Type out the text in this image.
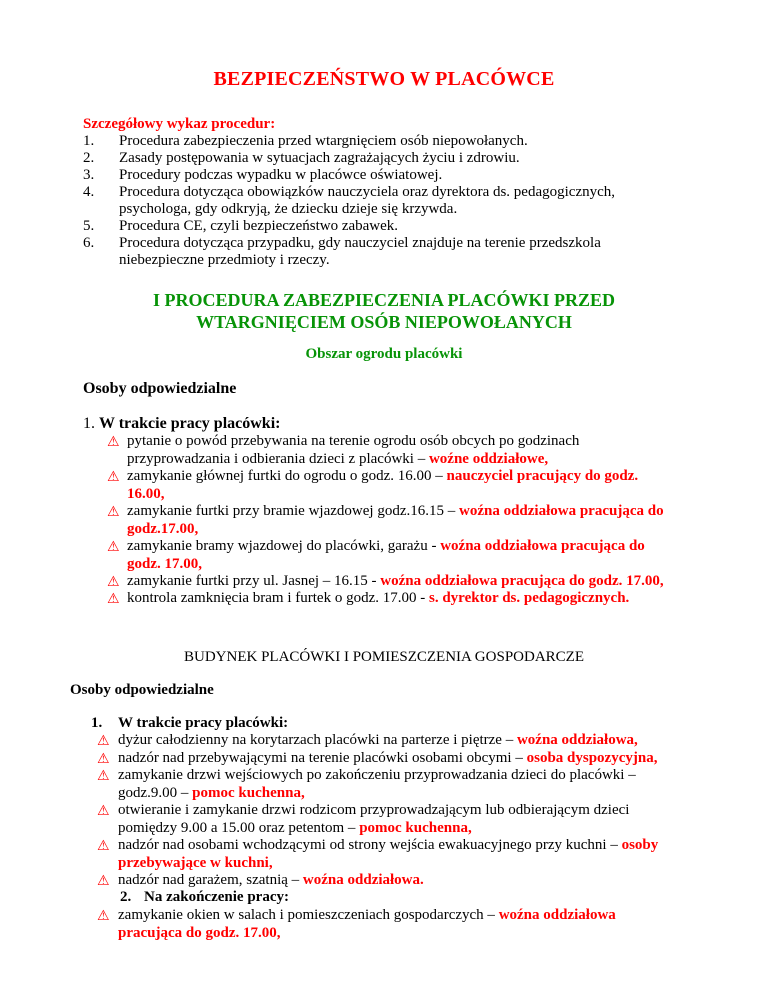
BEZPIECZEŃSTWO W PLACÓWCE
Szczegółowy wykaz procedur:
1. Procedura zabezpieczenia przed wtargnięciem osób niepowołanych.
2. Zasady postępowania w sytuacjach zagrażających życiu i zdrowiu.
3. Procedury podczas wypadku w placówce oświatowej.
4. Procedura dotycząca obowiązków nauczyciela oraz dyrektora ds. pedagogicznych,
psychologa, gdy odkryją, że dziecku dzieje się krzywda.
5. Procedura CE, czyli bezpieczeństwo zabawek.
6. Procedura dotycząca przypadku, gdy nauczyciel znajduje na terenie przedszkola
niebezpieczne przedmioty i rzeczy.
I PROCEDURA ZABEZPIECZENIA PLACÓWKI PRZED
WTARGNIĘCIEM OSÓB NIEPOWOŁANYCH
Obszar ogrodu placówki
Osoby odpowiedzialne
1. W trakcie pracy placówki:
⚠ pytanie o powód przebywania na terenie ogrodu osób obcych po godzinach
przyprowadzania i odbierania dzieci z placówki – woźne oddziałowe,
⚠ zamykanie głównej furtki do ogrodu o godz. 16.00 – nauczyciel pracujący do godz.
16.00,
⚠ zamykanie furtki przy bramie wjazdowej godz.16.15 – woźna oddziałowa pracująca do
godz.17.00,
⚠ zamykanie bramy wjazdowej do placówki, garażu - woźna oddziałowa pracująca do
godz. 17.00,
⚠ zamykanie furtki przy ul. Jasnej – 16.15 - woźna oddziałowa pracująca do godz. 17.00,
⚠ kontrola zamknięcia bram i furtek o godz. 17.00 - s. dyrektor ds. pedagogicznych.
BUDYNEK PLACÓWKI I POMIESZCZENIA GOSPODARCZE
Osoby odpowiedzialne
1. W trakcie pracy placówki:
⚠ dyżur całodzienny na korytarzach placówki na parterze i piętrze – woźna oddziałowa,
⚠ nadzór nad przebywającymi na terenie placówki osobami obcymi – osoba dyspozycyjna,
⚠ zamykanie drzwi wejściowych po zakończeniu przyprowadzania dzieci do placówki –
godz.9.00 – pomoc kuchenna,
⚠ otwieranie i zamykanie drzwi rodzicom przyprowadzającym lub odbierającym dzieci
pomiędzy 9.00 a 15.00 oraz petentom – pomoc kuchenna,
⚠ nadzór nad osobami wchodzącymi od strony wejścia ewakuacyjnego przy kuchni – osoby
przebywające w kuchni,
⚠ nadzór nad garażem, szatnią – woźna oddziałowa.
2. Na zakończenie pracy:
⚠ zamykanie okien w salach i pomieszczeniach gospodarczych – woźna oddziałowa
pracująca do godz. 17.00,
